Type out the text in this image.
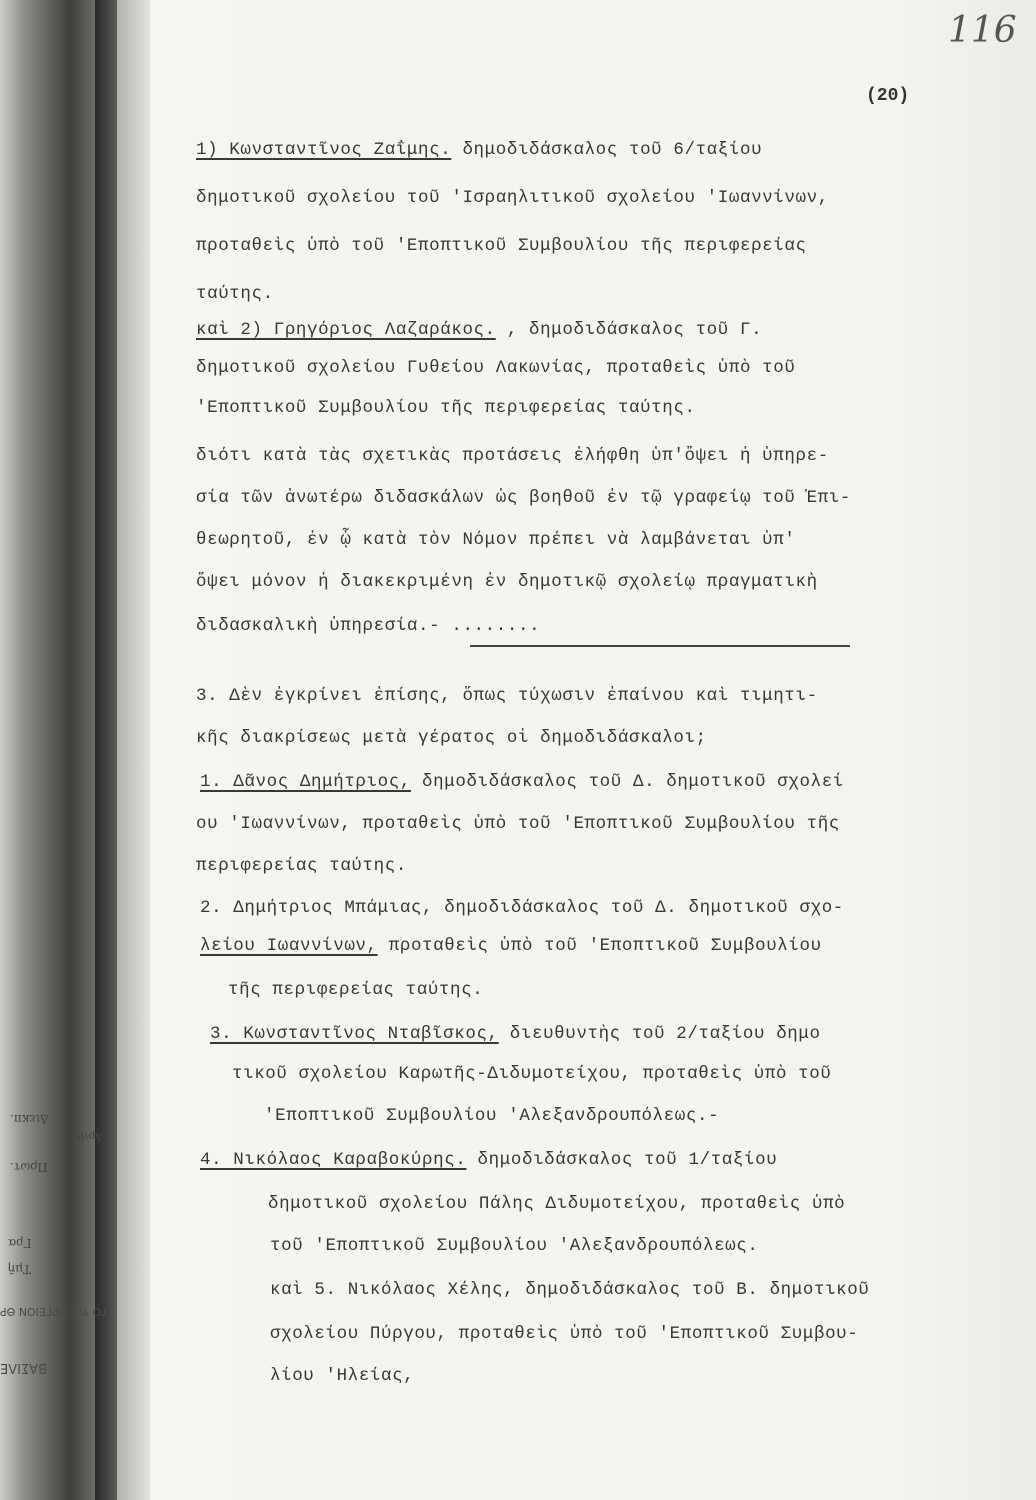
ΒΑΣΙΛΕ
ΤΟ ΥΠΟΥΡΓΕΙΟΝ ΘΡ
Τμῆ
Γρα
Διεκπ.
Πρωτ.
Ἀριθ.
116
(20)
1) Κωνσταντῖνος Ζαΐμης. δημοδιδάσκαλος τοῦ 6/ταξίου
δημοτικοῦ σχολείου τοῦ 'Ισραηλιτικοῦ σχολείου 'Ιωαννίνων,
προταθεὶς ὑπὸ τοῦ 'Εποπτικοῦ Συμβουλίου τῆς περιφερείας
ταύτης.
καὶ 2) Γρηγόριος Λαζαράκος. , δημοδιδάσκαλος τοῦ Γ.
δημοτικοῦ σχολείου Γυθείου Λακωνίας, προταθεὶς ὑπὸ τοῦ
'Εποπτικοῦ Συμβουλίου τῆς περιφερείας ταύτης.
διότι κατὰ τὰς σχετικὰς προτάσεις ἐλήφθη ὑπ'ὄψει ἡ ὑπηρε-
σία τῶν ἀνωτέρω διδασκάλων ὡς βοηθοῦ ἐν τῷ γραφείῳ τοῦ Ἐπι-
θεωρητοῦ, ἐν ᾧ κατὰ τὸν Νόμον πρέπει νὰ λαμβάνεται ὑπ'
ὄψει μόνον ἡ διακεκριμένη ἐν δημοτικῷ σχολείῳ πραγματικὴ
διδασκαλικὴ ὑπηρεσία.- ........
3. Δὲν ἐγκρίνει ἐπίσης, ὅπως τύχωσιν ἐπαίνου καὶ τιμητι-
κῆς διακρίσεως μετὰ γέρατος οἱ δημοδιδάσκαλοι;
1. Δᾶνος Δημήτριος, δημοδιδάσκαλος τοῦ Δ. δημοτικοῦ σχολεί
ου 'Ιωαννίνων, προταθεὶς ὑπὸ τοῦ 'Εποπτικοῦ Συμβουλίου τῆς
περιφερείας ταύτης.
2. Δημήτριος Μπάμιας, δημοδιδάσκαλος τοῦ Δ. δημοτικοῦ σχο-
λείου Ιωαννίνων, προταθεὶς ὑπὸ τοῦ 'Εποπτικοῦ Συμβουλίου
τῆς περιφερείας ταύτης.
3. Κωνσταντῖνος Νταβῖσκος, διευθυντὴς τοῦ 2/ταξίου δημο
τικοῦ σχολείου Καρωτῆς-Διδυμοτείχου, προταθεὶς ὑπὸ τοῦ
'Εποπτικοῦ Συμβουλίου 'Αλεξανδρουπόλεως.-
4. Νικόλαος Καραβοκύρης. δημοδιδάσκαλος τοῦ 1/ταξίου
δημοτικοῦ σχολείου Πάλης Διδυμοτείχου, προταθεὶς ὑπὸ
τοῦ 'Εποπτικοῦ Συμβουλίου 'Αλεξανδρουπόλεως.
καὶ 5. Νικόλαος Χέλης, δημοδιδάσκαλος τοῦ Β. δημοτικοῦ
σχολείου Πύργου, προταθεὶς ὑπὸ τοῦ 'Εποπτικοῦ Συμβου-
λίου 'Ηλείας,
